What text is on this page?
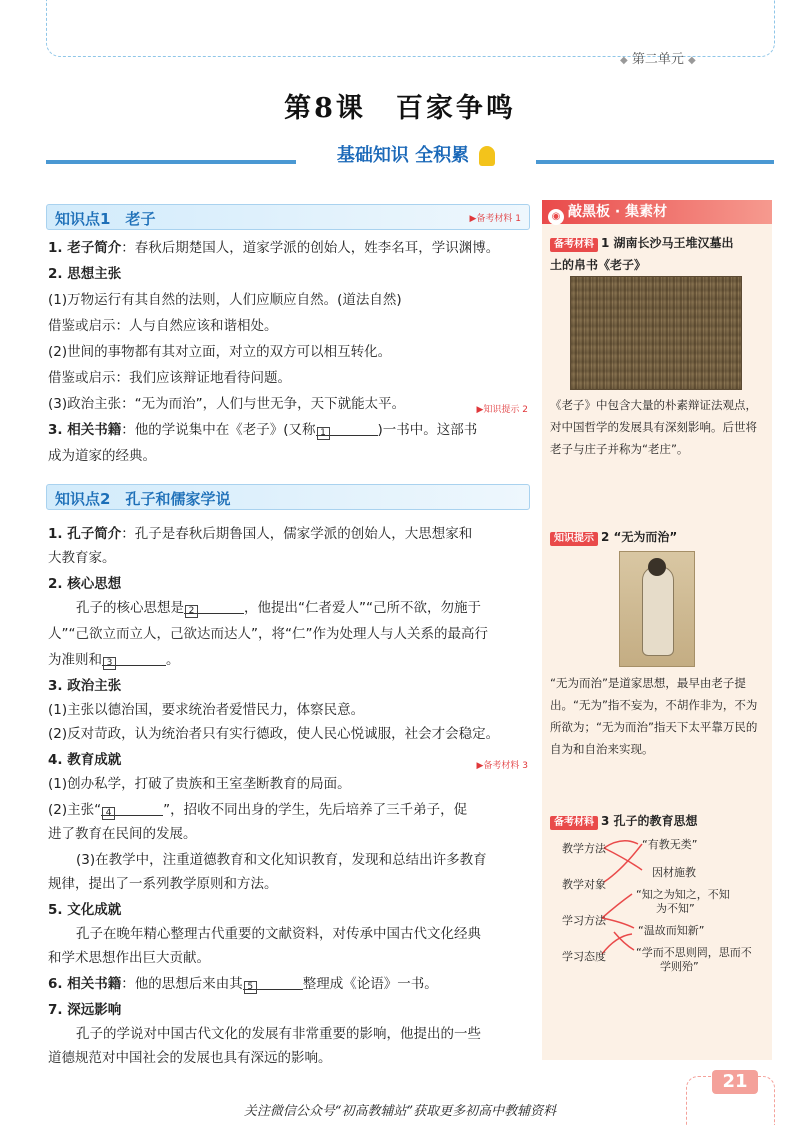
◆ 第二单元 ◆
第8课　百家争鸣
基础知识 全积累
知识点1　老子	▶备考材料 1
1. 老子简介：春秋后期楚国人，道家学派的创始人，姓李名耳，学识渊博。
2. 思想主张
(1)万物运行有其自然的法则，人们应顺应自然。(道法自然)
借鉴或启示：人与自然应该和谐相处。
(2)世间的事物都有其对立面，对立的双方可以相互转化。
借鉴或启示：我们应该辩证地看待问题。
(3)政治主张：“无为而治”，人们与世无争，天下就能太平。	▶知识提示 2
3. 相关书籍：他的学说集中在《老子》(又称 1	)一书中。这部书
成为道家的经典。
知识点2　孔子和儒家学说
1. 孔子简介：孔子是春秋后期鲁国人，儒家学派的创始人，大思想家和
大教育家。
2. 核心思想
孔子的核心思想是 2	，他提出“仁者爱人”“己所不欲，勿施于
人”“己欲立而立人，己欲达而达人”，将“仁”作为处理人与人关系的最高行
为准则和 3	。
3. 政治主张
(1)主张以德治国，要求统治者爱惜民力，体察民意。
(2)反对苛政，认为统治者只有实行德政，使人民心悦诚服，社会才会稳定。
4. 教育成就	▶备考材料 3
(1)创办私学，打破了贵族和王室垄断教育的局面。
(2)主张“ 4	”，招收不同出身的学生，先后培养了三千弟子，促
进了教育在民间的发展。
(3)在教学中，注重道德教育和文化知识教育，发现和总结出许多教育
规律，提出了一系列教学原则和方法。
5. 文化成就
孔子在晚年精心整理古代重要的文献资料，对传承中国古代文化经典
和学术思想作出巨大贡献。
6. 相关书籍：他的思想后来由其 5	整理成《论语》一书。
7. 深远影响
孔子的学说对中国古代文化的发展有非常重要的影响，他提出的一些
道德规范对中国社会的发展也具有深远的影响。
◉ 敲黑板 · 集素材
备考材料 1 湖南长沙马王堆汉墓出
土的帛书《老子》
《老子》中包含大量的朴素辩证法观点，对中国哲学的发展具有深刻影响。后世将老子与庄子并称为“老庄”。
知识提示 2 “无为而治”
“无为而治”是道家思想，最早由老子提出。“无为”指不妄为，不胡作非为，不为所欲为；“无为而治”指天下太平靠万民的自为和自治来实现。
备考材料 3 孔子的教育思想
教学方法
教学对象
学习方法
学习态度
“有教无类”
因材施教
“知之为知之，不知
为不知”
“温故而知新”
“学而不思则罔，思而不
学则殆”
21
关注微信公众号“初高教辅站”获取更多初高中教辅资料
